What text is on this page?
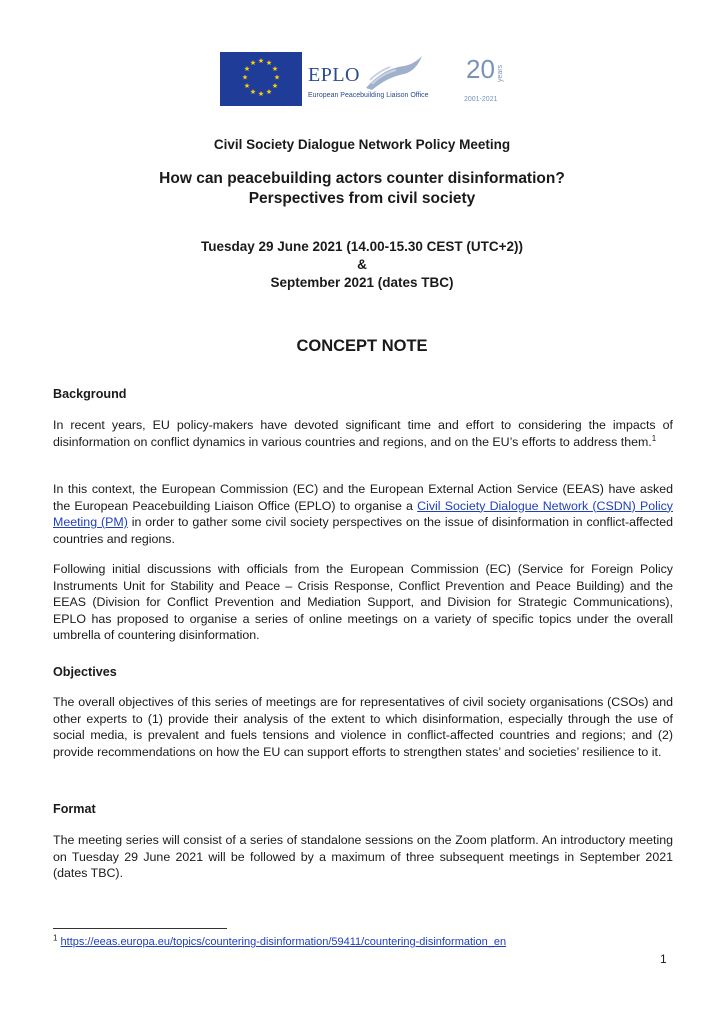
★ ★
★
★
★
★
★
★
★
★
★
★
EPLO
European Peacebuilding Liaison Office
20 years
2001-2021
Civil Society Dialogue Network Policy Meeting
How can peacebuilding actors counter disinformation?
Perspectives from civil society
Tuesday 29 June 2021 (14.00-15.30 CEST (UTC+2))
&
September 2021 (dates TBC)
CONCEPT NOTE
Background

In recent years, EU policy-makers have devoted significant time and effort to considering the impacts of disinformation on conflict dynamics in various countries and regions, and on the EU’s efforts to address them.$^1$

In this context, the European Commission (EC) and the European External Action Service (EEAS) have asked the European Peacebuilding Liaison Office (EPLO) to organise a Civil Society Dialogue Network (CSDN) Policy Meeting (PM) in order to gather some civil society perspectives on the issue of disinformation in conflict-affected countries and regions.

Following initial discussions with officials from the European Commission (EC) (Service for Foreign Policy Instruments Unit for Stability and Peace – Crisis Response, Conflict Prevention and Peace Building) and the EEAS (Division for Conflict Prevention and Mediation Support, and Division for Strategic Communications), EPLO has proposed to organise a series of online meetings on a variety of specific topics under the overall umbrella of countering disinformation.

Objectives

The overall objectives of this series of meetings are for representatives of civil society organisations (CSOs) and other experts to (1) provide their analysis of the extent to which disinformation, especially through the use of social media, is prevalent and fuels tensions and violence in conflict-affected countries and regions; and (2) provide recommendations on how the EU can support efforts to strengthen states’ and societies’ resilience to it.

Format

The meeting series will consist of a series of standalone sessions on the Zoom platform. An introductory meeting on Tuesday 29 June 2021 will be followed by a maximum of three subsequent meetings in September 2021 (dates TBC).

$^1$ https://eeas.europa.eu/topics/countering-disinformation/59411/countering-disinformation_en
1
